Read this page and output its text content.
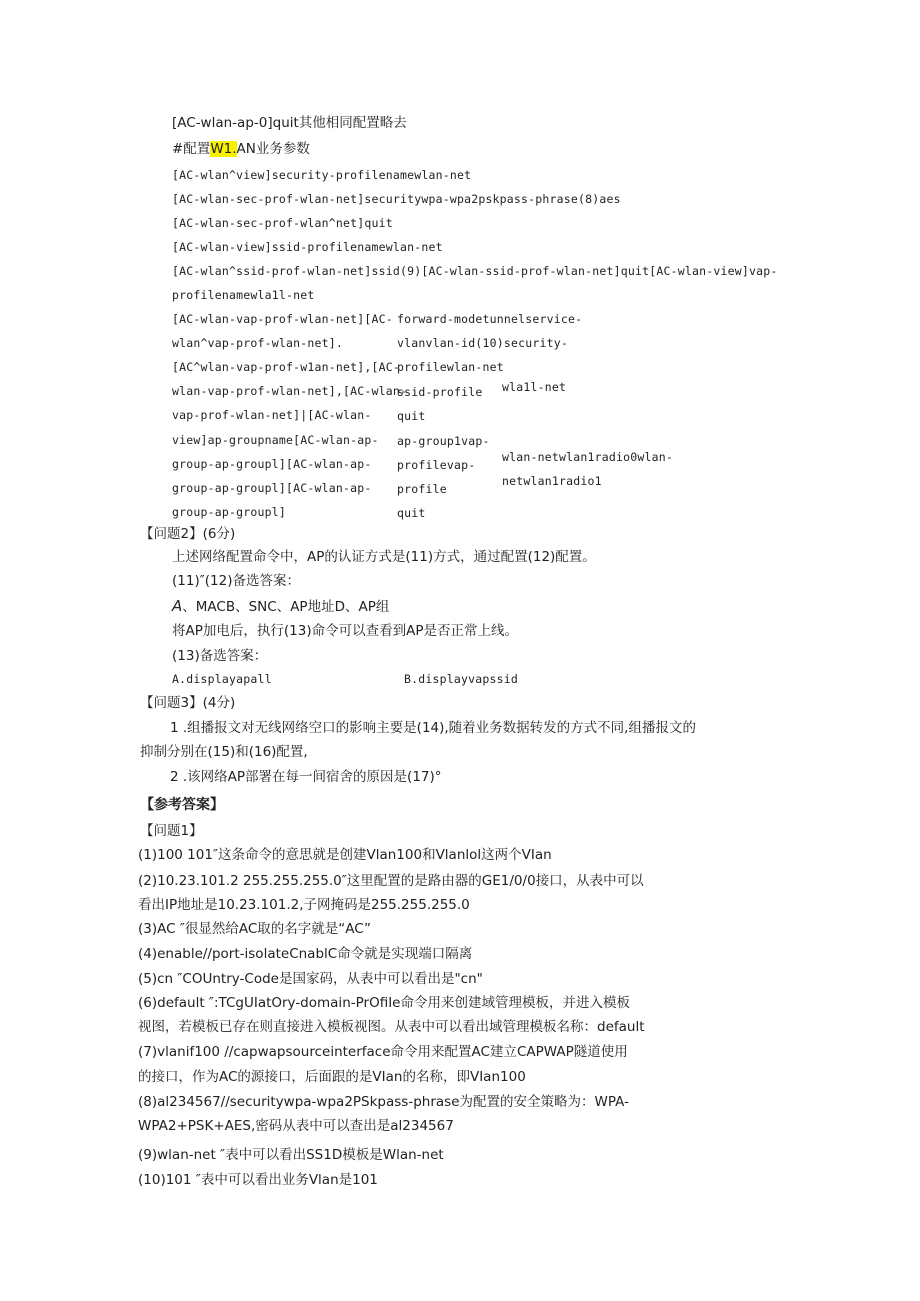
[AC-wlan-ap-0]quit其他相同配置略去
#配置W1.AN业务参数
[AC-wlan^view]security-profilenamewlan-net
[AC-wlan-sec-prof-wlan-net]securitywpa-wpa2pskpass-phrase(8)aes
[AC-wlan-sec-prof-wlan^net]quit
[AC-wlan-view]ssid-profilenamewlan-net
[AC-wlan^ssid-prof-wlan-net]ssid(9)[AC-wlan-ssid-prof-wlan-net]quit[AC-wlan-view]vap-
profilenamewla1l-net
[AC-wlan-vap-prof-wlan-net][AC-
wlan^vap-prof-wlan-net].
[AC^wlan-vap-prof-w1an-net],[AC-
wlan-vap-prof-wlan-net],[AC-wlan-
vap-prof-wlan-net]|[AC-wlan-
view]ap-groupname[AC-wlan-ap-
group-ap-groupl][AC-wlan-ap-
group-ap-groupl][AC-wlan-ap-
group-ap-groupl]
forward-modetunnelservice-
vlanvlan-id(10)security-
profilewlan-net
ssid-profile
quit
ap-group1vap-
profilevap-
profile
quit
wla1l-net
wlan-netwlan1radio0wlan-
netwlan1radio1
【问题2】(6分)
上述网络配置命令中，AP的认证方式是(11)方式，通过配置(12)配置。
(11)″(12)备选答案：
A、MACB、SNC、AP地址D、AP组
将AP加电后，执行(13)命令可以查看到AP是否正常上线。
(13)备选答案：
A.displayapall	B.displayvapssid
【问题3】(4分)
1 .组播报文对无线网络空口的影响主要是(14),随着业务数据转发的方式不同,组播报文的
抑制分别在(15)和(16)配置,
2 .该网络AP部署在每一间宿舍的原因是(17)°
【参考答案】
【问题1】
(1)100 101″这条命令的意思就是创建Vlan100和Vlanlol这两个VIan
(2)10.23.101.2 255.255.255.0″这里配置的是路由器的GE1/0/0接口，从表中可以
看出IP地址是10.23.101.2,子网掩码是255.255.255.0
(3)AC ″很显然给AC取的名字就是“AC”
(4)enable//port-isolateCnablC命令就是实现端口隔离
(5)cn ″COUntry-Code是国家码，从表中可以看出是"cn"
(6)default ″:TCgUIatOry-domain-PrOfiIe命令用来创建域管理模板，并进入模板
视图，若模板已存在则直接进入模板视图。从表中可以看出域管理模板名称：default
(7)vlanif100 //capwapsourceinterface命令用来配置AC建立CAPWAP隧道使用
的接口，作为AC的源接口，后面跟的是VIan的名称，即VIan100
(8)al234567//securitywpa-wpa2PSkpass-phrase为配置的安全策略为：WPA-
WPA2+PSK+AES,密码从表中可以查出是al234567
(9)wlan-net ″表中可以看出SS1D模板是Wlan-net
(10)101 ″表中可以看出业务Vlan是101
